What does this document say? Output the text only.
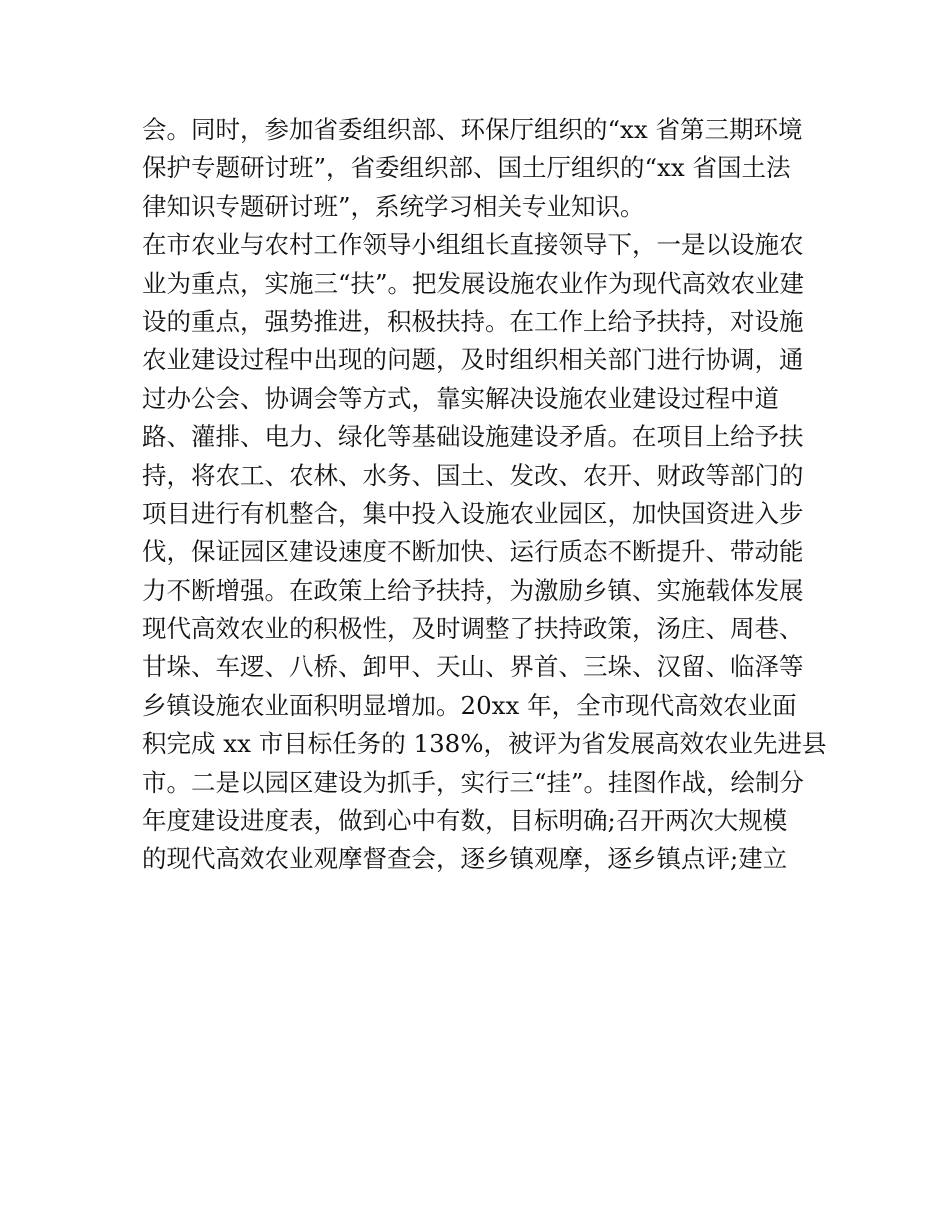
会。同时，参加省委组织部、环保厅组织的“xx 省第三期环境
保护专题研讨班”，省委组织部、国土厅组织的“xx 省国土法
律知识专题研讨班”，系统学习相关专业知识。
在市农业与农村工作领导小组组长直接领导下，一是以设施农
业为重点，实施三“扶”。把发展设施农业作为现代高效农业建
设的重点，强势推进，积极扶持。在工作上给予扶持，对设施
农业建设过程中出现的问题，及时组织相关部门进行协调，通
过办公会、协调会等方式，靠实解决设施农业建设过程中道
路、灌排、电力、绿化等基础设施建设矛盾。在项目上给予扶
持，将农工、农林、水务、国土、发改、农开、财政等部门的
项目进行有机整合，集中投入设施农业园区，加快国资进入步
伐，保证园区建设速度不断加快、运行质态不断提升、带动能
力不断增强。在政策上给予扶持，为激励乡镇、实施载体发展
现代高效农业的积极性，及时调整了扶持政策，汤庄、周巷、
甘垛、车逻、八桥、卸甲、天山、界首、三垛、汉留、临泽等
乡镇设施农业面积明显增加。20xx 年，全市现代高效农业面
积完成 xx 市目标任务的 138%，被评为省发展高效农业先进县
市。二是以园区建设为抓手，实行三“挂”。挂图作战，绘制分
年度建设进度表，做到心中有数，目标明确;召开两次大规模
的现代高效农业观摩督查会，逐乡镇观摩，逐乡镇点评;建立
